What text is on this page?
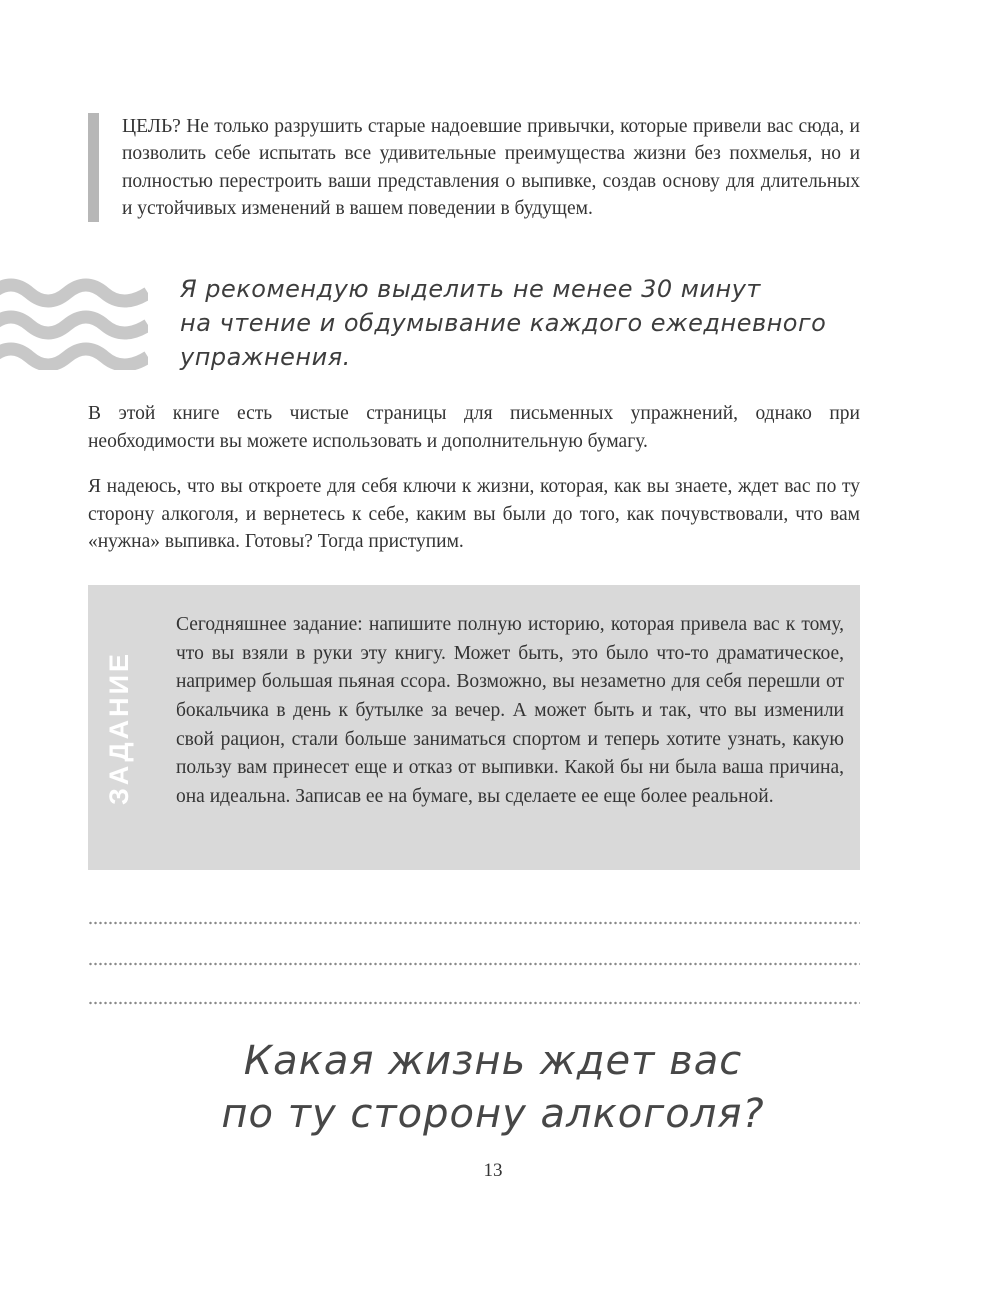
ЦЕЛЬ? Не только разрушить старые надоевшие привычки, которые привели вас сюда, и позволить себе испытать все удивительные преимущества жизни без похмелья, но и полностью перестроить ваши представления о выпивке, создав основу для длительных и устойчивых изменений в вашем поведении в будущем.

Я рекомендую выделить не менее 30 минут
на чтение и обдумывание каждого ежедневного
упражнения.

В этой книге есть чистые страницы для письменных упражнений, однако при необходимости вы можете использовать и дополнительную бумагу.

Я надеюсь, что вы откроете для себя ключи к жизни, которая, как вы знаете, ждет вас по ту сторону алкоголя, и вернетесь к себе, каким вы были до того, как почувствовали, что вам «нужна» выпивка. Готовы? Тогда приступим.

ЗАДАНИЕ

Сегодняшнее задание: напишите полную историю, которая привела вас к тому, что вы взяли в руки эту книгу. Может быть, это было что-то драматическое, например большая пьяная ссора. Возможно, вы незаметно для себя перешли от бокальчика в день к бутылке за вечер. А может быть и так, что вы изменили свой рацион, стали больше заниматься спортом и теперь хотите узнать, какую пользу вам принесет еще и отказ от выпивки. Какой бы ни была ваша причина, она идеальна. Записав ее на бумаге, вы сделаете ее еще более реальной.

Какая жизнь ждет вас
по ту сторону алкоголя?
13
